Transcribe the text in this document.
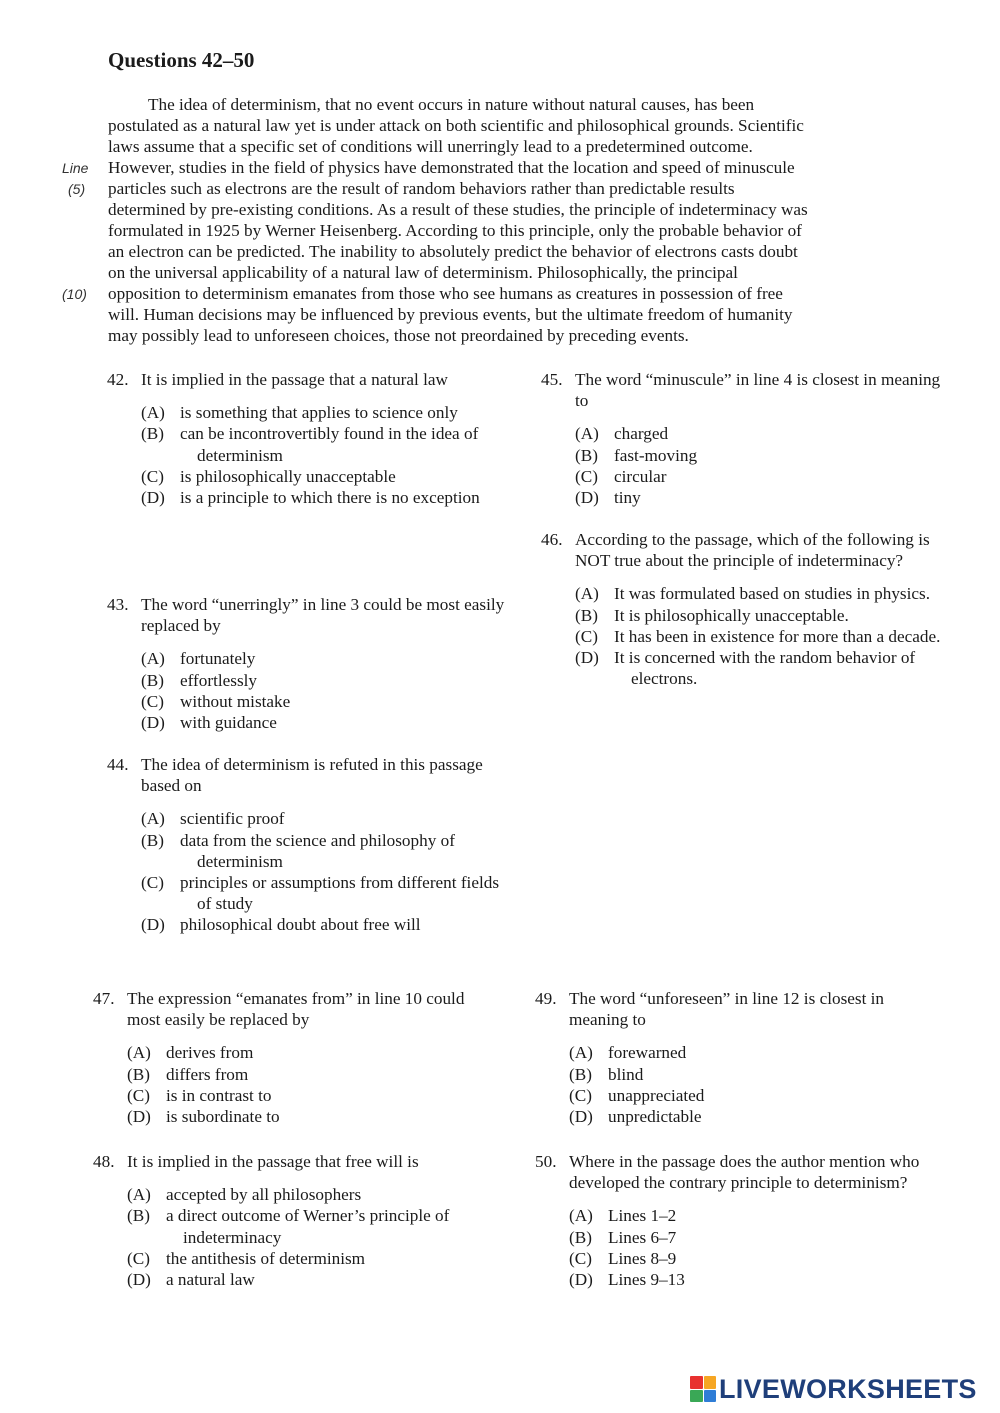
Questions 42–50
The idea of determinism, that no event occurs in nature without natural causes, has been
postulated as a natural law yet is under attack on both scientific and philosophical grounds. Scientific
laws assume that a specific set of conditions will unerringly lead to a predetermined outcome.
However, studies in the field of physics have demonstrated that the location and speed of minuscule
particles such as electrons are the result of random behaviors rather than predictable results
determined by pre-existing conditions. As a result of these studies, the principle of indeterminacy was
formulated in 1925 by Werner Heisenberg. According to this principle, only the probable behavior of
an electron can be predicted. The inability to absolutely predict the behavior of electrons casts doubt
on the universal applicability of a natural law of determinism. Philosophically, the principal
opposition to determinism emanates from those who see humans as creatures in possession of free
will. Human decisions may be influenced by previous events, but the ultimate freedom of humanity
may possibly lead to unforeseen choices, those not preordained by preceding events.
Line
(5)
(10)
42. It is implied in the passage that a natural law
(A) is something that applies to science only
(B) can be incontrovertibly found in the idea of determinism
(C) is philosophically unacceptable
(D) is a principle to which there is no exception
43. The word “unerringly” in line 3 could be most easily replaced by
(A) fortunately
(B) effortlessly
(C) without mistake
(D) with guidance
44. The idea of determinism is refuted in this passage based on
(A) scientific proof
(B) data from the science and philosophy of determinism
(C) principles or assumptions from different fields of study
(D) philosophical doubt about free will
45. The word “minuscule” in line 4 is closest in meaning to
(A) charged
(B) fast-moving
(C) circular
(D) tiny
46. According to the passage, which of the following is NOT true about the principle of indeterminacy?
(A) It was formulated based on studies in physics.
(B) It is philosophically unacceptable.
(C) It has been in existence for more than a decade.
(D) It is concerned with the random behavior of electrons.
47. The expression “emanates from” in line 10 could most easily be replaced by
(A) derives from
(B) differs from
(C) is in contrast to
(D) is subordinate to
48. It is implied in the passage that free will is
(A) accepted by all philosophers
(B) a direct outcome of Werner’s principle of indeterminacy
(C) the antithesis of determinism
(D) a natural law
49. The word “unforeseen” in line 12 is closest in meaning to
(A) forewarned
(B) blind
(C) unappreciated
(D) unpredictable
50. Where in the passage does the author mention who developed the contrary principle to determinism?
(A) Lines 1–2
(B) Lines 6–7
(C) Lines 8–9
(D) Lines 9–13
LIVEWORKSHEETS
